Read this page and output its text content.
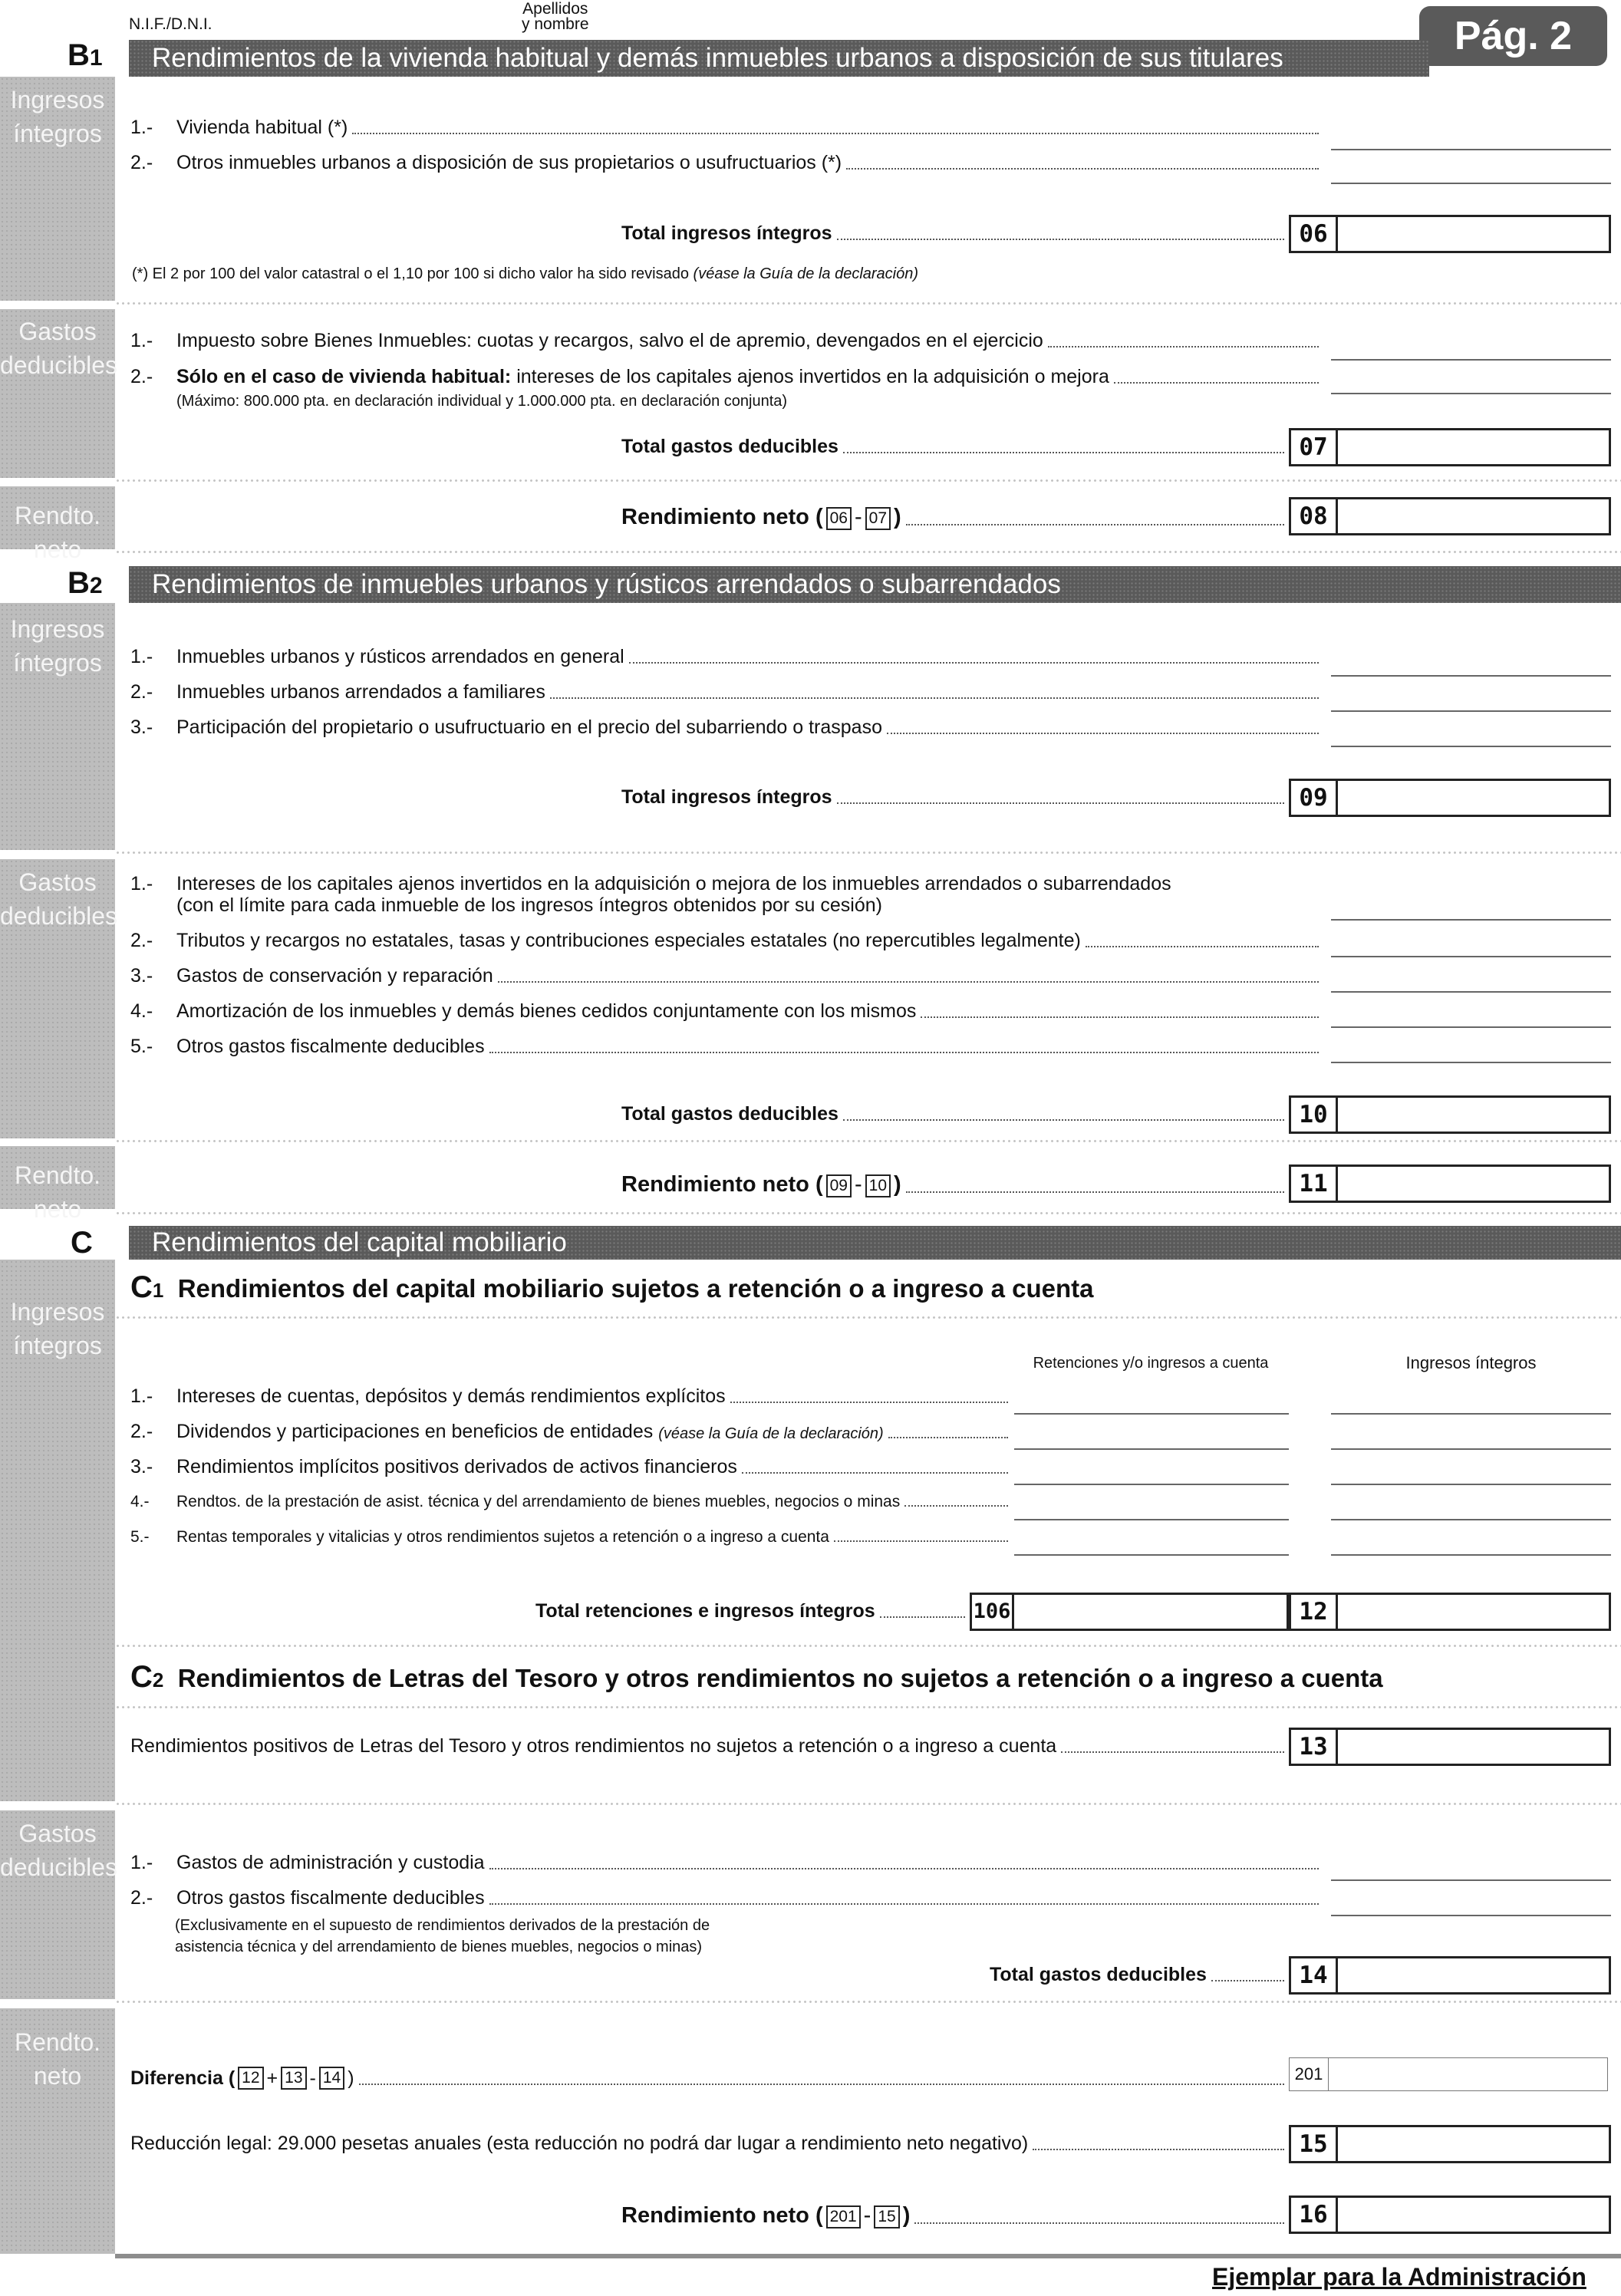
N.I.F./D.N.I.
Apellidos
y nombre	Pág. 2
B1	Rendimientos de la vivienda habitual y demás inmuebles urbanos a disposición de sus titulares
Ingresos
íntegros	1.-	Vivienda habitual (*)
2.-	Otros inmuebles urbanos a disposición de sus propietarios o usufructuarios (*)
Total ingresos íntegros	06
(*) El 2 por 100 del valor catastral o el 1,10 por 100 si dicho valor ha sido revisado (véase la Guía de la declaración)
Gastos
deducibles
1.-	Impuesto sobre Bienes Inmuebles: cuotas y recargos, salvo el de apremio, devengados en el ejercicio
2.-	Sólo en el caso de vivienda habitual:
intereses de los capitales ajenos invertidos en la adquisición o mejora
(Máximo: 800.000 pta. en declaración individual y 1.000.000 pta. en declaración conjunta)
Total gastos deducibles	07
Rendto. neto
Rendimiento neto ( 06 - 07 )	08
B2	Rendimientos de inmuebles urbanos y rústicos arrendados o subarrendados
Ingresos
íntegros	1.-	Inmuebles urbanos y rústicos arrendados en general
2.-	Inmuebles urbanos arrendados a familiares
3.-	Participación del propietario o usufructuario en el precio del subarriendo o traspaso
Total ingresos íntegros	09
Gastos
deducibles
1.- Intereses de los capitales ajenos invertidos en la adquisición o mejora de los inmuebles arrendados o subarrendados
(con el límite para cada inmueble de los ingresos íntegros obtenidos por su cesión)
2.-	Tributos y recargos no estatales, tasas y contribuciones especiales estatales (no repercutibles legalmente)
3.-	Gastos de conservación y reparación
4.-	Amortización de los inmuebles y demás bienes cedidos conjuntamente con los mismos
5.-	Otros gastos fiscalmente deducibles
Total gastos deducibles	10
Rendto. neto
Rendimiento neto ( 09 - 10 )	11
C	Rendimientos del capital mobiliario
Ingresos
íntegros
C1 Rendimientos del capital mobiliario sujetos a retención o a ingreso a cuenta
Retenciones y/o ingresos a cuenta	Ingresos íntegros
1.-	Intereses de cuentas, depósitos y demás rendimientos explícitos
2.-	Dividendos y participaciones en beneficios de entidades
(véase la Guía de la declaración)
3.-	Rendimientos implícitos positivos derivados de activos financieros
4.-	Rendtos. de la prestación de asist. técnica y del arrendamiento de bienes muebles, negocios o minas
5.-	Rentas temporales y vitalicias y otros rendimientos sujetos a retención o a ingreso a cuenta
Total retenciones e ingresos íntegros	106	12
C2 Rendimientos de Letras del Tesoro y otros rendimientos no sujetos a retención o a ingreso a cuenta
Rendimientos positivos de Letras del Tesoro y otros rendimientos no sujetos a retención o a ingreso a cuenta	13
Gastos
deducibles 1.-	Gastos de administración y custodia
2.-	Otros gastos fiscalmente deducibles
(Exclusivamente en el supuesto de rendimientos derivados de la prestación de
asistencia técnica y del arrendamiento de bienes muebles, negocios o minas)
Total gastos deducibles	14
Rendto. neto	Diferencia ( 12 + 13 - 14 )	201
Reducción legal: 29.000 pesetas anuales (esta reducción no podrá dar lugar a rendimiento neto negativo)	15
Rendimiento neto ( 201 - 15 )	16
Ejemplar para la Administración
